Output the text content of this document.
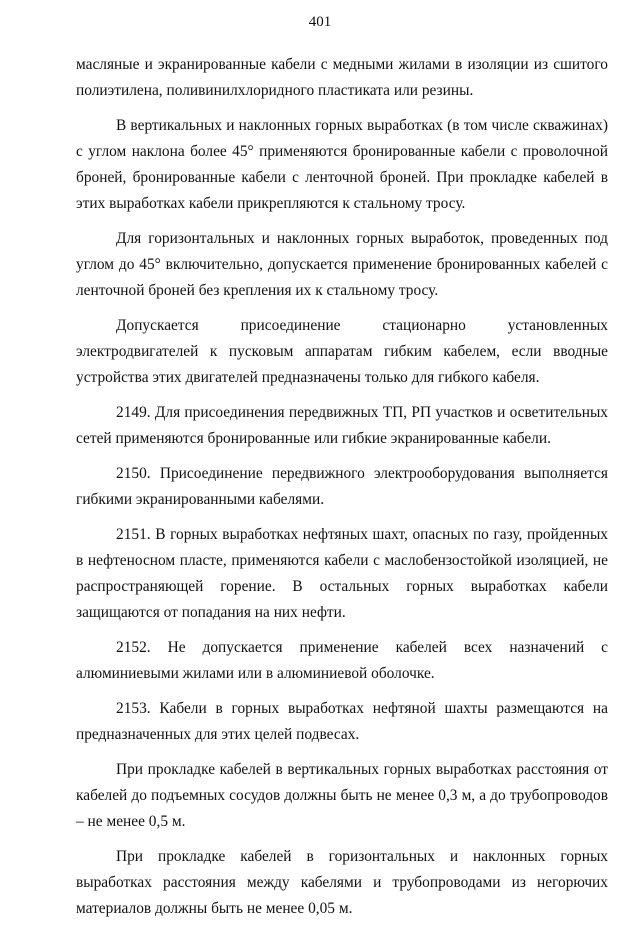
401

масляные и экранированные кабели с медными жилами в изоляции из сшитого полиэтилена, поливинилхлоридного пластиката или резины.

В вертикальных и наклонных горных выработках (в том числе скважинах) с углом наклона более 45° применяются бронированные кабели с проволочной броней, бронированные кабели с ленточной броней. При прокладке кабелей в этих выработках кабели прикрепляются к стальному тросу.

Для горизонтальных и наклонных горных выработок, проведенных под углом до 45° включительно, допускается применение бронированных кабелей с ленточной броней без крепления их к стальному тросу.

Допускается присоединение стационарно установленных электродвигателей к пусковым аппаратам гибким кабелем, если вводные устройства этих двигателей предназначены только для гибкого кабеля.

2149. Для присоединения передвижных ТП, РП участков и осветительных сетей применяются бронированные или гибкие экранированные кабели.

2150. Присоединение передвижного электрооборудования выполняется гибкими экранированными кабелями.

2151. В горных выработках нефтяных шахт, опасных по газу, пройденных в нефтеносном пласте, применяются кабели с маслобензостойкой изоляцией, не распространяющей горение. В остальных горных выработках кабели защищаются от попадания на них нефти.

2152. Не допускается применение кабелей всех назначений с алюминиевыми жилами или в алюминиевой оболочке.

2153. Кабели в горных выработках нефтяной шахты размещаются на предназначенных для этих целей подвесах.

При прокладке кабелей в вертикальных горных выработках расстояния от кабелей до подъемных сосудов должны быть не менее 0,3 м, а до трубопроводов – не менее 0,5 м.

При прокладке кабелей в горизонтальных и наклонных горных выработках расстояния между кабелями и трубопроводами из негорючих материалов должны быть не менее 0,05 м.
